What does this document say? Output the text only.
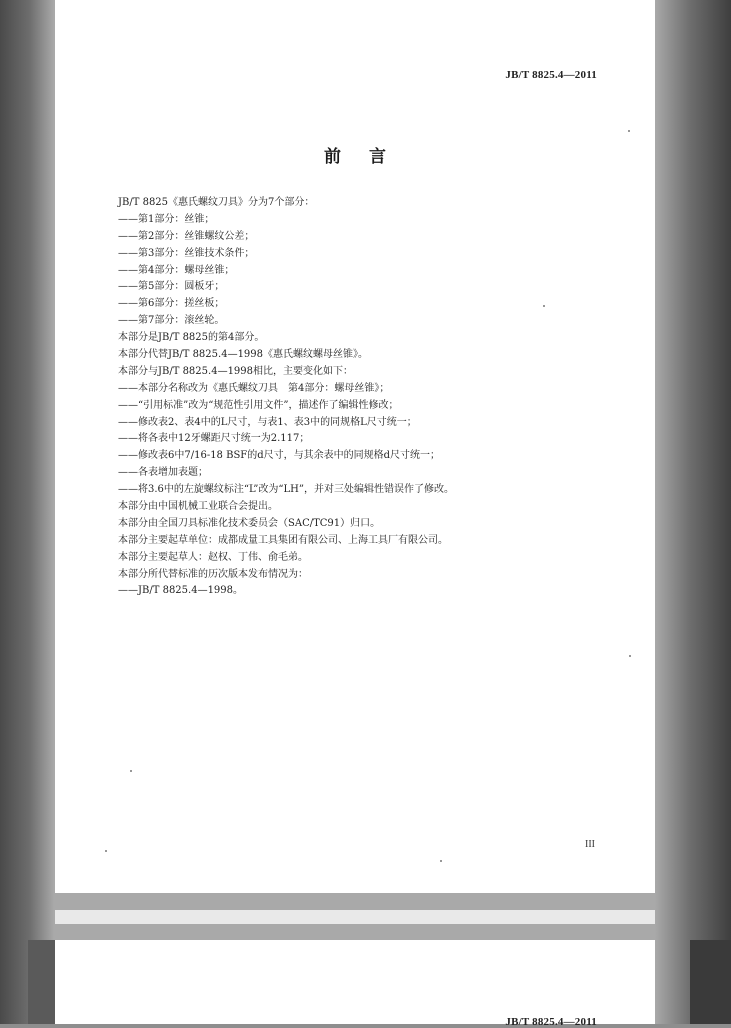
JB/T 8825.4—2011
前言
JB/T 8825《惠氏螺纹刀具》分为7个部分：
——第1部分：丝锥；
——第2部分：丝锥螺纹公差；
——第3部分：丝锥技术条件；
——第4部分：螺母丝锥；
——第5部分：圆板牙；
——第6部分：搓丝板；
——第7部分：滚丝轮。
本部分是JB/T 8825的第4部分。
本部分代替JB/T 8825.4—1998《惠氏螺纹螺母丝锥》。
本部分与JB/T 8825.4—1998相比，主要变化如下：
——本部分名称改为《惠氏螺纹刀具　第4部分：螺母丝锥》；
——“引用标准”改为“规范性引用文件”，描述作了编辑性修改；
——修改表2、表4中的L尺寸，与表1、表3中的同规格L尺寸统一；
——将各表中12牙螺距尺寸统一为2.117；
——修改表6中7/16-18 BSF的d尺寸，与其余表中的同规格d尺寸统一；
——各表增加表题；
——将3.6中的左旋螺纹标注“L”改为“LH”，并对三处编辑性错误作了修改。
本部分由中国机械工业联合会提出。
本部分由全国刀具标准化技术委员会（SAC/TC91）归口。
本部分主要起草单位：成都成量工具集团有限公司、上海工具厂有限公司。
本部分主要起草人：赵权、丁伟、俞毛弟。
本部分所代替标准的历次版本发布情况为：
——JB/T 8825.4—1998。
III
JB/T 8825.4—2011
